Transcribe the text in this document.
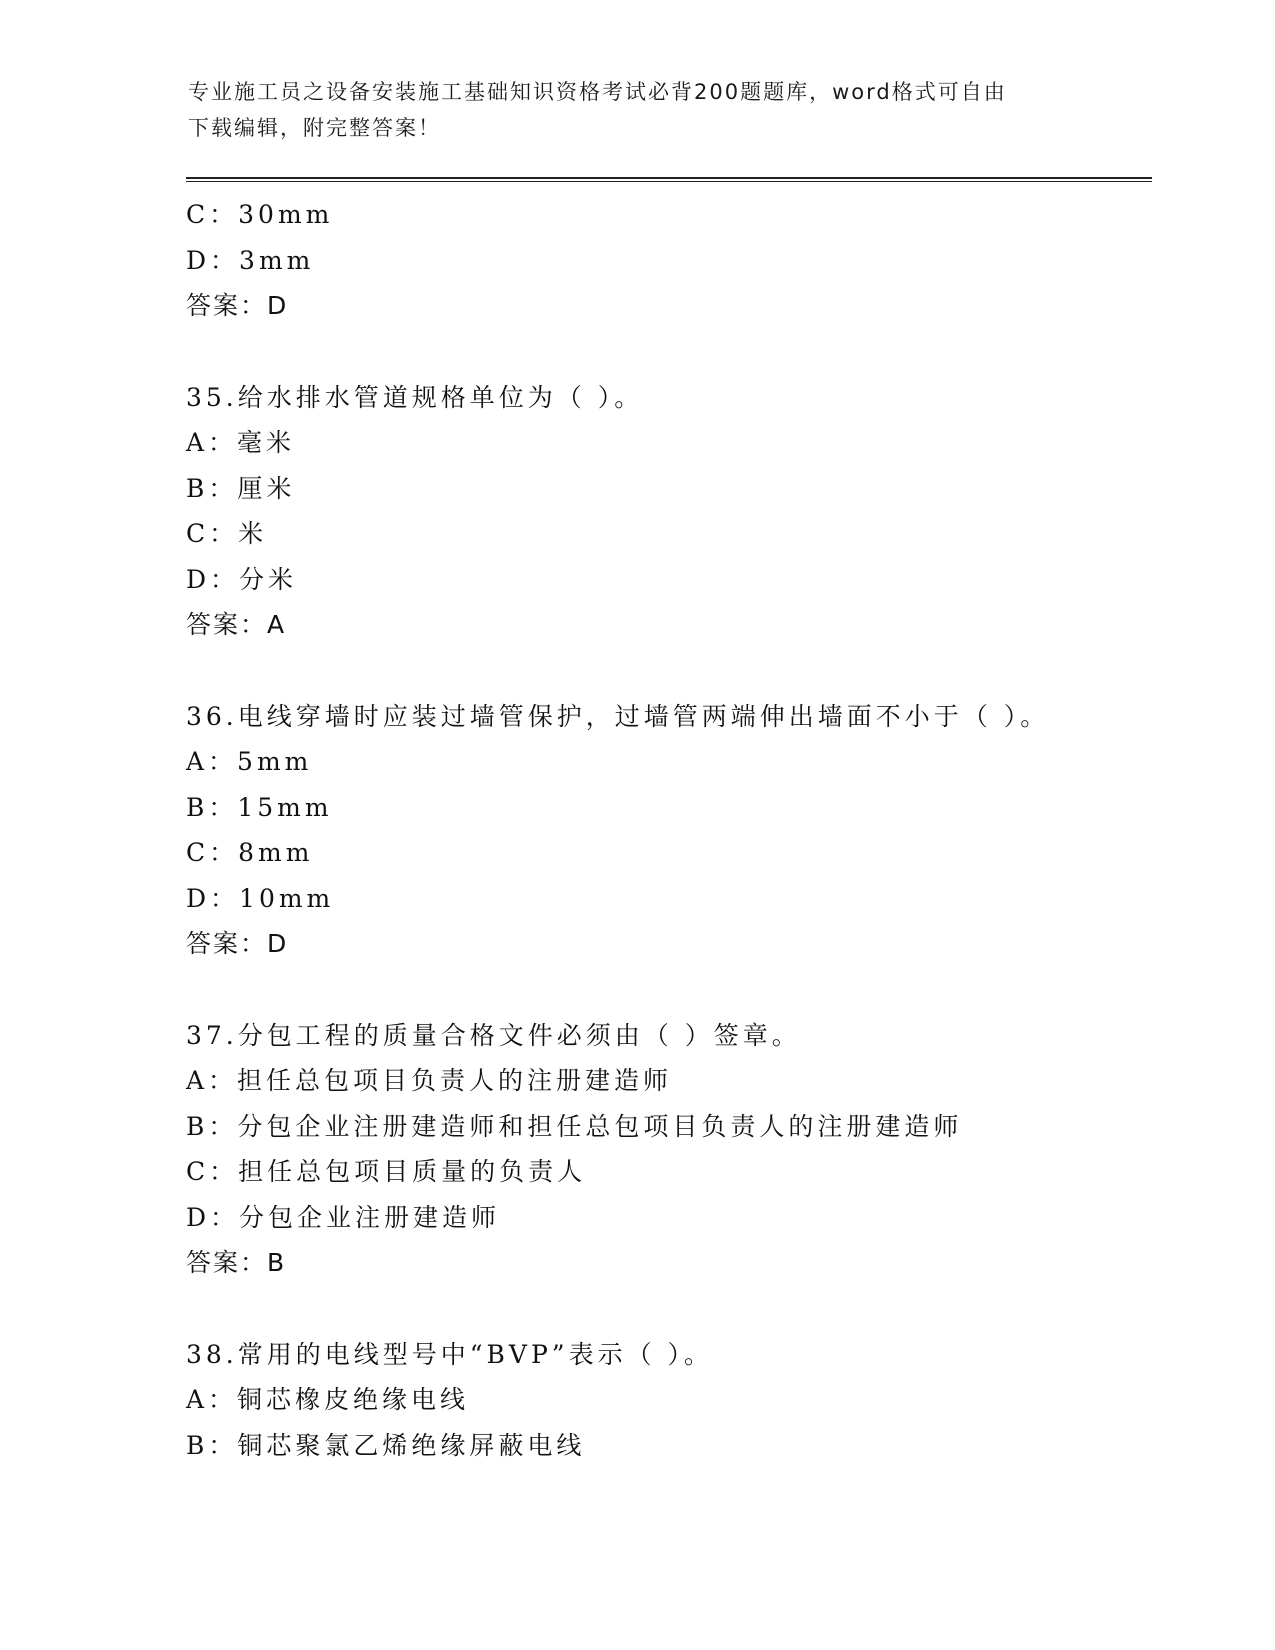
专业施工员之设备安装施工基础知识资格考试必背200题题库，word格式可自由
下载编辑，附完整答案！
C：30mm
D：3mm
答案：D
35.给水排水管道规格单位为（ ）。
A：毫米
B：厘米
C：米
D：分米
答案：A
36.电线穿墙时应装过墙管保护，过墙管两端伸出墙面不小于（ ）。
A：5mm
B：15mm
C：8mm
D：10mm
答案：D
37.分包工程的质量合格文件必须由（ ）签章。
A：担任总包项目负责人的注册建造师
B：分包企业注册建造师和担任总包项目负责人的注册建造师
C：担任总包项目质量的负责人
D：分包企业注册建造师
答案：B
38.常用的电线型号中“BVP”表示（ ）。
A：铜芯橡皮绝缘电线
B：铜芯聚氯乙烯绝缘屏蔽电线
